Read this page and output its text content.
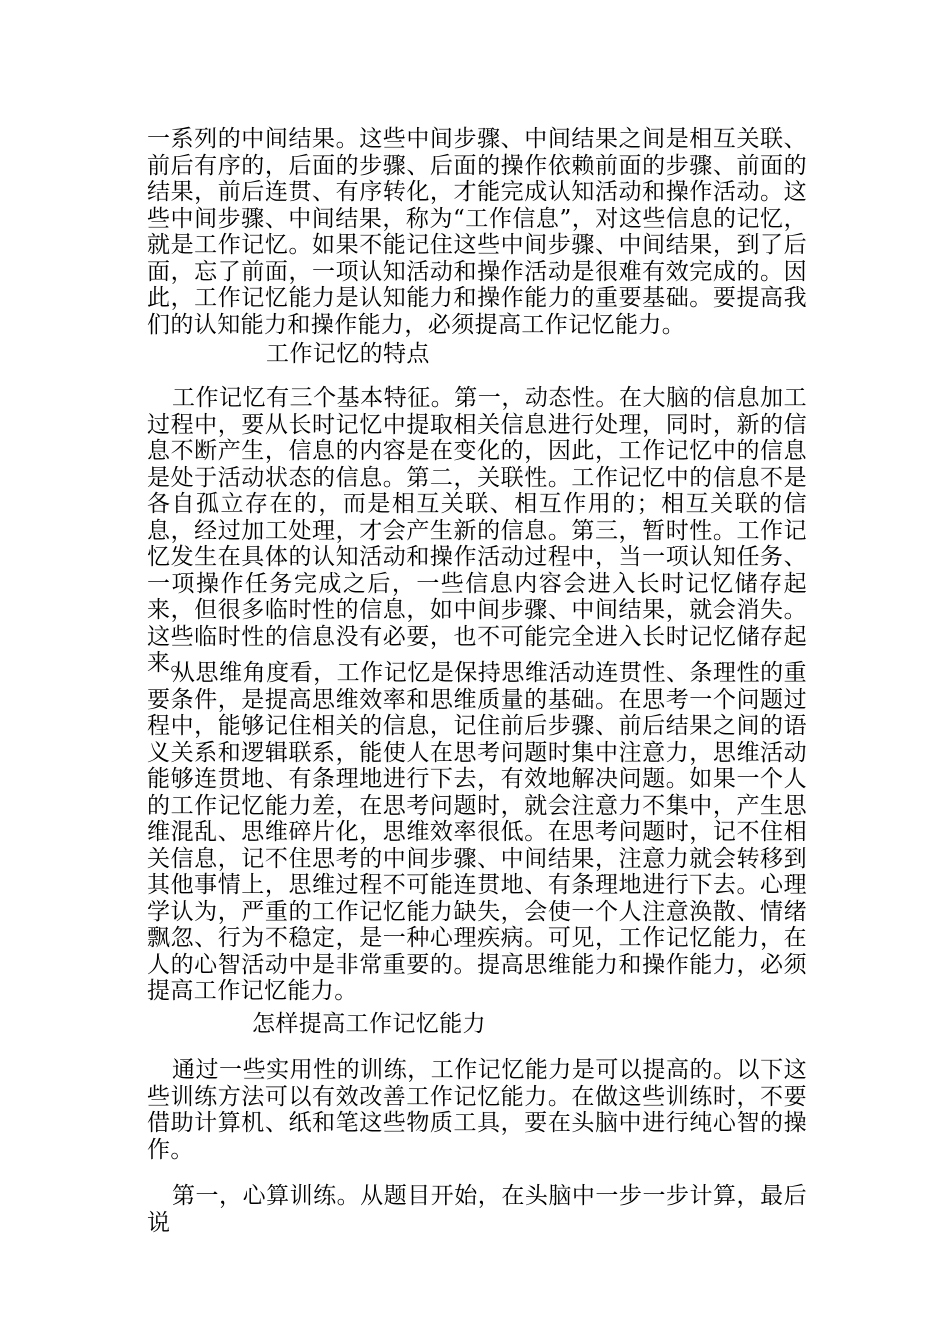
一系列的中间结果。这些中间步骤、中间结果之间是相互关联、前后有序的，后面的步骤、后面的操作依赖前面的步骤、前面的结果，前后连贯、有序转化，才能完成认知活动和操作活动。这些中间步骤、中间结果，称为“工作信息”，对这些信息的记忆，就是工作记忆。如果不能记住这些中间步骤、中间结果，到了后面，忘了前面，一项认知活动和操作活动是很难有效完成的。因此，工作记忆能力是认知能力和操作能力的重要基础。要提高我们的认知能力和操作能力，必须提高工作记忆能力。

工作记忆的特点

工作记忆有三个基本特征。第一，动态性。在大脑的信息加工过程中，要从长时记忆中提取相关信息进行处理，同时，新的信息不断产生，信息的内容是在变化的，因此，工作记忆中的信息是处于活动状态的信息。第二，关联性。工作记忆中的信息不是各自孤立存在的，而是相互关联、相互作用的；相互关联的信息，经过加工处理，才会产生新的信息。第三，暂时性。工作记忆发生在具体的认知活动和操作活动过程中，当一项认知任务、一项操作任务完成之后，一些信息内容会进入长时记忆储存起来，但很多临时性的信息，如中间步骤、中间结果，就会消失。这些临时性的信息没有必要，也不可能完全进入长时记忆储存起来。

从思维角度看，工作记忆是保持思维活动连贯性、条理性的重要条件，是提高思维效率和思维质量的基础。在思考一个问题过程中，能够记住相关的信息，记住前后步骤、前后结果之间的语义关系和逻辑联系，能使人在思考问题时集中注意力，思维活动能够连贯地、有条理地进行下去，有效地解决问题。如果一个人的工作记忆能力差，在思考问题时，就会注意力不集中，产生思维混乱、思维碎片化，思维效率很低。在思考问题时，记不住相关信息，记不住思考的中间步骤、中间结果，注意力就会转移到其他事情上，思维过程不可能连贯地、有条理地进行下去。心理学认为，严重的工作记忆能力缺失，会使一个人注意涣散、情绪飘忽、行为不稳定，是一种心理疾病。可见，工作记忆能力，在人的心智活动中是非常重要的。提高思维能力和操作能力，必须提高工作记忆能力。

怎样提高工作记忆能力

通过一些实用性的训练，工作记忆能力是可以提高的。以下这些训练方法可以有效改善工作记忆能力。在做这些训练时，不要借助计算机、纸和笔这些物质工具，要在头脑中进行纯心智的操作。

第一，心算训练。从题目开始，在头脑中一步一步计算，最后说
